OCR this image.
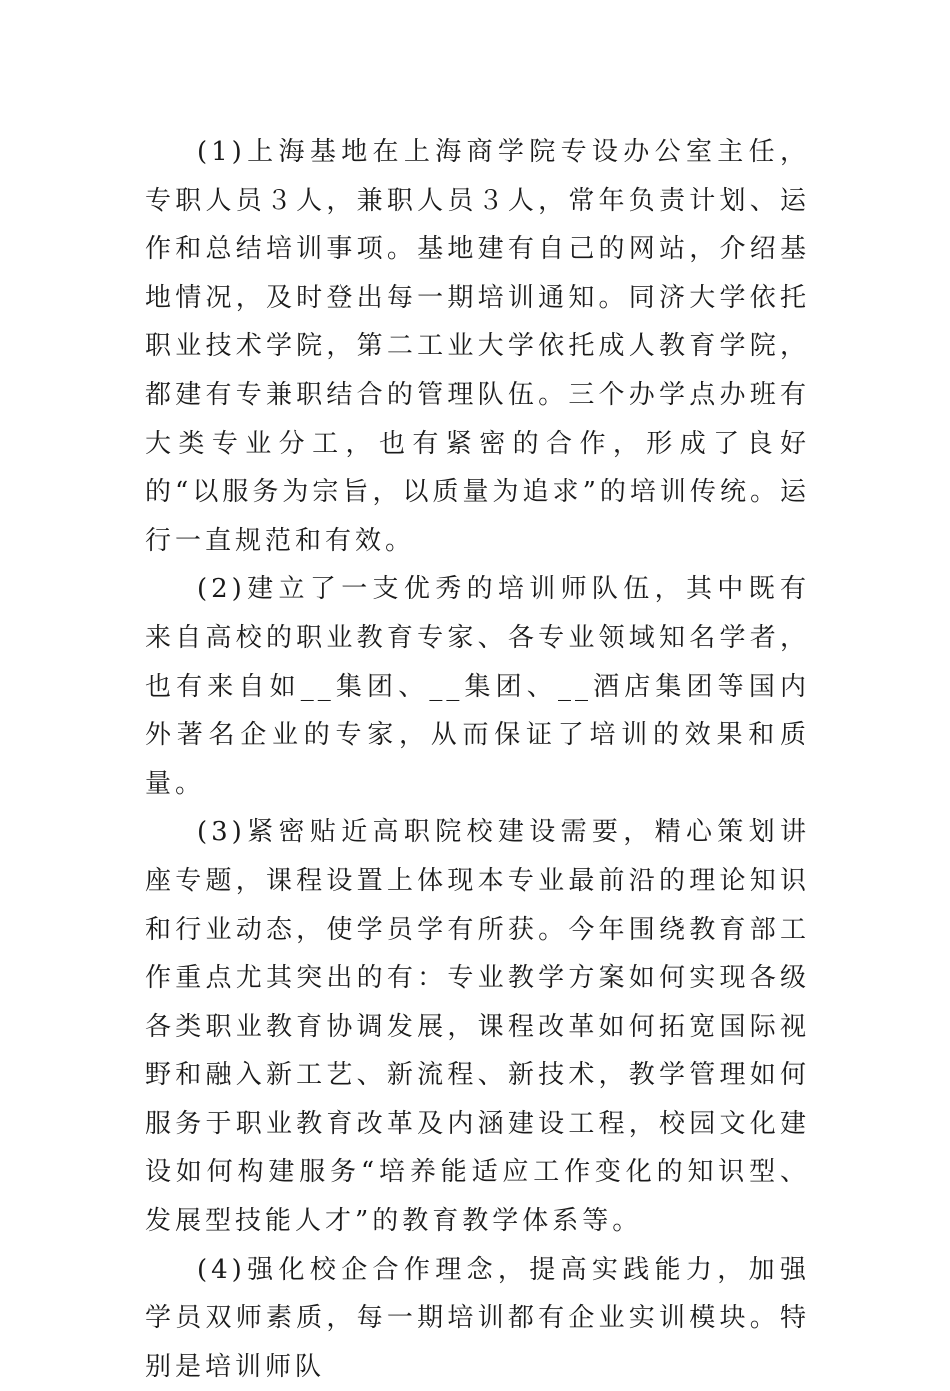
(1)上海基地在上海商学院专设办公室主任，专职人员３人，兼职人员３人，常年负责计划、运作和总结培训事项。基地建有自己的网站，介绍基地情况，及时登出每一期培训通知。同济大学依托职业技术学院，第二工业大学依托成人教育学院，都建有专兼职结合的管理队伍。三个办学点办班有大类专业分工，也有紧密的合作，形成了良好的“以服务为宗旨，以质量为追求”的培训传统。运行一直规范和有效。

(2)建立了一支优秀的培训师队伍，其中既有来自高校的职业教育专家、各专业领域知名学者，也有来自如__集团、__集团、__酒店集团等国内外著名企业的专家，从而保证了培训的效果和质量。

(3)紧密贴近高职院校建设需要，精心策划讲座专题，课程设置上体现本专业最前沿的理论知识和行业动态，使学员学有所获。今年围绕教育部工作重点尤其突出的有：专业教学方案如何实现各级各类职业教育协调发展，课程改革如何拓宽国际视野和融入新工艺、新流程、新技术，教学管理如何服务于职业教育改革及内涵建设工程，校园文化建设如何构建服务“培养能适应工作变化的知识型、发展型技能人才”的教育教学体系等。

(4)强化校企合作理念，提高实践能力，加强学员双师素质，每一期培训都有企业实训模块。特别是培训师队
